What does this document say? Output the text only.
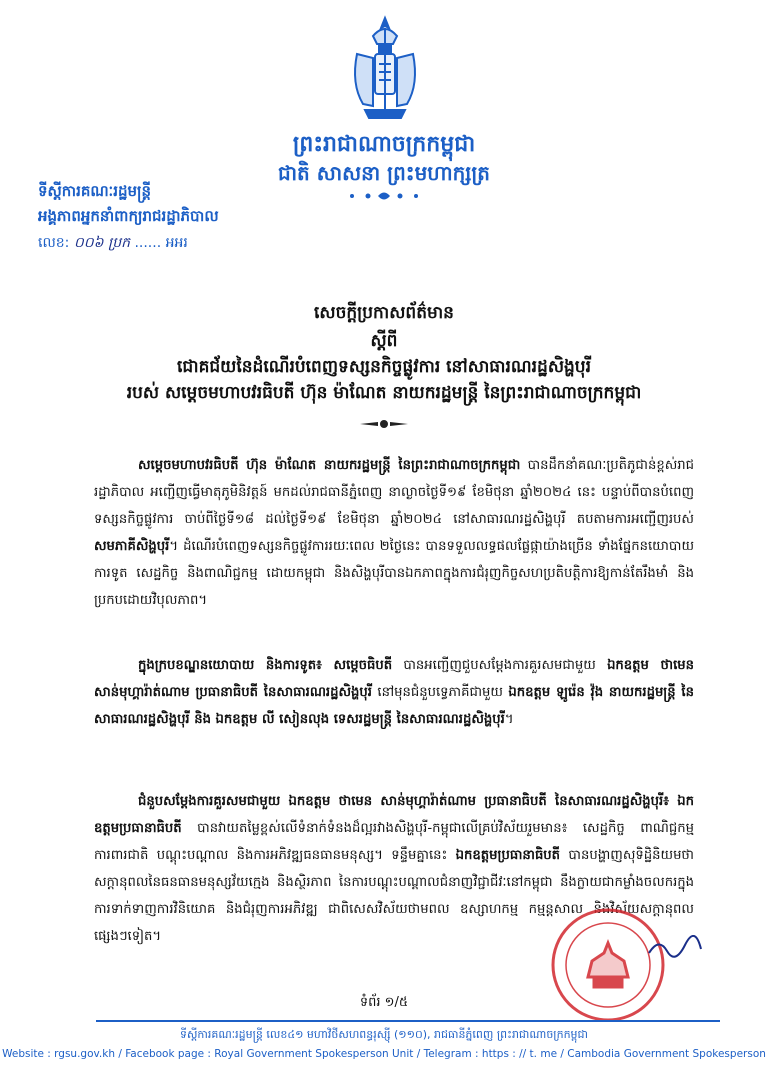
ព្រះរាជាណាចក្រកម្ពុជា
ជាតិ សាសនា ព្រះមហាក្សត្រ
ទីស្តីការគណៈរដ្ឋមន្ត្រី
អង្គភាពអ្នកនាំពាក្យរាជរដ្ឋាភិបាល
លេខ: ០០៦ ប្រក ...... អអរ
សេចក្តីប្រកាសព័ត៌មាន
ស្តីពី
ជោគជ័យនៃដំណើរបំពេញទស្សនកិច្ចផ្លូវការ នៅសាធារណរដ្ឋសិង្ហបុរី
របស់ សម្តេចមហាបវរធិបតី ហ៊ុន ម៉ាណែត នាយករដ្ឋមន្ត្រី នៃព្រះរាជាណាចក្រកម្ពុជា
សម្តេចមហាបវរធិបតី ហ៊ុន ម៉ាណែត នាយករដ្ឋមន្ត្រី នៃព្រះរាជាណាចក្រកម្ពុជា បានដឹកនាំគណៈប្រតិភូជាន់ខ្ពស់រាជរដ្ឋាភិបាល អញ្ជើញធ្វើមាតុភូមិនិវត្តន៍ មកដល់រាជធានីភ្នំពេញ នាល្ងាចថ្ងៃទី១៩ ខែមិថុនា ឆ្នាំ២០២៤ នេះ បន្ទាប់ពីបានបំពេញទស្សនកិច្ចផ្លូវការ ចាប់ពីថ្ងៃទី១៨ ដល់ថ្ងៃទី១៩ ខែមិថុនា ឆ្នាំ២០២៤ នៅសាធារណរដ្ឋសិង្ហបុរី តបតាមការអញ្ជើញរបស់ សមភាគីសិង្ហបុរី។ ដំណើរបំពេញទស្សនកិច្ចផ្លូវការរយៈពេល ២ថ្ងៃនេះ បានទទួលលទ្ធផលផ្លែផ្កាយ៉ាងច្រើន ទាំងផ្នែកនយោបាយការទូត សេដ្ឋកិច្ច និងពាណិជ្ជកម្ម ដោយកម្ពុជា និងសិង្ហបុរីបានឯកភាពក្នុងការជំរុញកិច្ចសហប្រតិបត្តិការឱ្យកាន់តែរឹងមាំ និងប្រកបដោយវិបុលភាព។
ក្នុងក្របខណ្ឌនយោបាយ និងការទូត៖ សម្តេចធិបតី បានអញ្ជើញជួបសម្តែងការគួរសមជាមួយ ឯកឧត្តម ថាមេន សាន់មុហ្គារ៉ាត់ណាម ប្រធានាធិបតី នៃសាធារណរដ្ឋសិង្ហបុរី នៅមុនជំនួបទ្វេភាគីជាមួយ ឯកឧត្តម ឡូរ៉េន វ៉ុង នាយករដ្ឋមន្ត្រី នៃសាធារណរដ្ឋសិង្ហបុរី និង ឯកឧត្តម លី សៀនលុង ទេសរដ្ឋមន្ត្រី នៃសាធារណរដ្ឋសិង្ហបុរី។
ជំនួបសម្តែងការគួរសមជាមួយ ឯកឧត្តម ថាមេន សាន់មុហ្គារ៉ាត់ណាម ប្រធានាធិបតី នៃសាធារណរដ្ឋសិង្ហបុរី៖ ឯកឧត្តមប្រធានាធិបតី បានវាយតម្លៃខ្ពស់លើទំនាក់ទំនងដ៏ល្អរវាងសិង្ហបុរី-កម្ពុជាលើគ្រប់វិស័យរួមមាន៖ សេដ្ឋកិច្ច ពាណិជ្ជកម្ម ការពារជាតិ បណ្តុះបណ្តាល និងការអភិវឌ្ឍធនធានមនុស្ស។ ទន្ទឹមគ្នានេះ ឯកឧត្តមប្រធានាធិបតី បានបង្ហាញសុទិដ្ឋិនិយមថា សក្តានុពលនៃធនធានមនុស្សវ័យក្មេង និងស្ថិរភាព នៃការបណ្តុះបណ្តាលជំនាញវិជ្ជាជីវៈនៅកម្ពុជា នឹងក្លាយជាកម្លាំងចលករក្នុងការទាក់ទាញការវិនិយោគ និងជំរុញការអភិវឌ្ឍ ជាពិសេសវិស័យថាមពល ឧស្សាហកម្ម កម្មន្តសាល និងវិស័យសក្តានុពលផ្សេងៗទៀត។
ទំព័រ ១/៥
ទីស្តីការគណៈរដ្ឋមន្ត្រី លេខ៤១ មហាវិថីសហពន្ធរុស្ស៊ី (១១០), រាជធានីភ្នំពេញ ព្រះរាជាណាចក្រកម្ពុជា
Website : rgsu.gov.kh / Facebook page : Royal Government Spokesperson Unit / Telegram : https : // t. me / Cambodia Government Spokesperson
